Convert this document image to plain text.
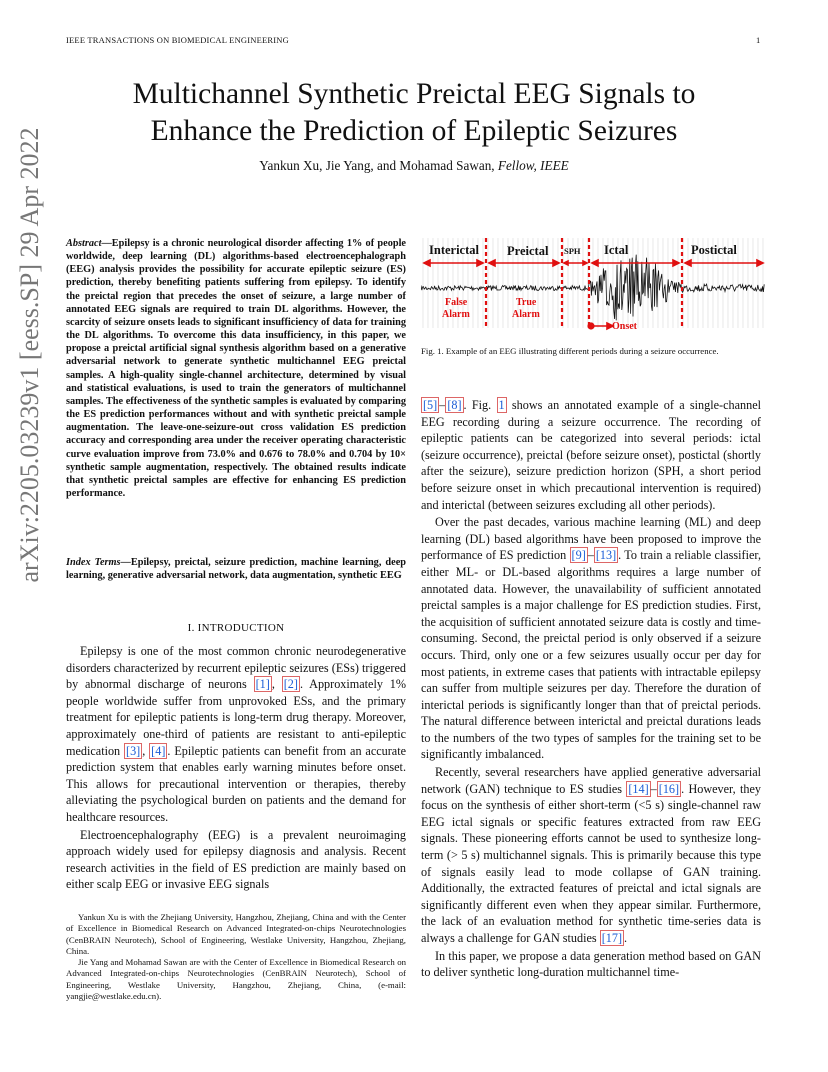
IEEE TRANSACTIONS ON BIOMEDICAL ENGINEERING	1
arXiv:2205.03239v1 [eess.SP] 29 Apr 2022
Multichannel Synthetic Preictal EEG Signals to
Enhance the Prediction of Epileptic Seizures
Yankun Xu, Jie Yang, and Mohamad Sawan, Fellow, IEEE
Abstract—Epilepsy is a chronic neurological disorder affecting 1% of people worldwide, deep learning (DL) algorithms-based electroencephalograph (EEG) analysis provides the possibility for accurate epileptic seizure (ES) prediction, thereby benefiting patients suffering from epilepsy. To identify the preictal region that precedes the onset of seizure, a large number of annotated EEG signals are required to train DL algorithms. However, the scarcity of seizure onsets leads to significant insufficiency of data for training the DL algorithms. To overcome this data insufficiency, in this paper, we propose a preictal artificial signal synthesis algorithm based on a generative adversarial network to generate synthetic multichannel EEG preictal samples. A high-quality single-channel architecture, determined by visual and statistical evaluations, is used to train the generators of multichannel samples. The effectiveness of the synthetic samples is evaluated by comparing the ES prediction performances without and with synthetic preictal sample augmentation. The leave-one-seizure-out cross validation ES prediction accuracy and corresponding area under the receiver operating characteristic curve evaluation improve from 73.0% and 0.676 to 78.0% and 0.704 by 10× synthetic sample augmentation, respectively. The obtained results indicate that synthetic preictal samples are effective for enhancing ES prediction performance.
Index Terms—Epilepsy, preictal, seizure prediction, machine learning, deep learning, generative adversarial network, data augmentation, synthetic EEG
I. INTRODUCTION

Epilepsy is one of the most common chronic neurodegenerative disorders characterized by recurrent epileptic seizures (ESs) triggered by abnormal discharge of neurons [1] , [2] . Approximately 1% people worldwide suffer from unprovoked ESs, and the primary treatment for epileptic patients is long-term drug therapy. Moreover, approximately one-third of patients are resistant to anti-epileptic medication [3] , [4] . Epileptic patients can benefit from an accurate prediction system that enables early warning minutes before onset. This allows for precautional intervention or therapies, thereby alleviating the psychological burden on patients and the demand for healthcare resources.

Electroencephalography (EEG) is a prevalent neuroimaging approach widely used for epilepsy diagnosis and analysis. Recent research activities in the field of ES prediction are mainly based on either scalp EEG or invasive EEG signals

Yankun Xu is with the Zhejiang University, Hangzhou, Zhejiang, China and with the Center of Excellence in Biomedical Research on Advanced Integrated-on-chips Neurotechnologies (CenBRAIN Neurotech), School of Engineering, Westlake University, Hangzhou, Zhejiang, China.

Jie Yang and Mohamad Sawan are with the Center of Excellence in Biomedical Research on Advanced Integrated-on-chips Neurotechnologies (CenBRAIN Neurotech), School of Engineering, Westlake University, Hangzhou, Zhejiang, China, (e-mail: yangjie@westlake.edu.cn).

Interictal Preictal SPH Ictal	Postictal
False
Alarm
True
Alarm
Onset
Fig. 1. Example of an EEG illustrating different periods during a seizure occurrence.

[5] – [8] . Fig. 1 shows an annotated example of a single-channel EEG recording during a seizure occurrence. The recording of epileptic patients can be categorized into several periods: ictal (seizure occurrence), preictal (before seizure onset), postictal (shortly after the seizure), seizure prediction horizon (SPH, a short period before seizure onset in which precautional intervention is required) and interictal (between seizures excluding all other periods).

Over the past decades, various machine learning (ML) and deep learning (DL) based algorithms have been proposed to improve the performance of ES prediction [9] – [13] . To train a reliable classifier, either ML- or DL-based algorithms requires a large number of annotated data. However, the unavailability of sufficient annotated preictal samples is a major challenge for ES prediction studies. First, the acquisition of sufficient annotated seizure data is costly and time-consuming. Second, the preictal period is only observed if a seizure occurs. Third, only one or a few seizures usually occur per day for most patients, in extreme cases that patients with intractable epilepsy can suffer from multiple seizures per day. Therefore the duration of interictal periods is significantly longer than that of preictal periods. The natural difference between interictal and preictal durations leads to the numbers of the two types of samples for the training set to be significantly imbalanced.

Recently, several researchers have applied generative adversarial network (GAN) technique to ES studies [14] – [16] . However, they focus on the synthesis of either short-term (<5 s) single-channel raw EEG ictal signals or specific features extracted from raw EEG signals. These pioneering efforts cannot be used to synthesize long-term (> 5 s) multichannel signals. This is primarily because this type of signals easily lead to mode collapse of GAN training. Additionally, the extracted features of preictal and ictal signals are significantly different even when they appear similar. Furthermore, the lack of an evaluation method for synthetic time-series data is always a challenge for GAN studies [17] .

In this paper, we propose a data generation method based on GAN to deliver synthetic long-duration multichannel time-
